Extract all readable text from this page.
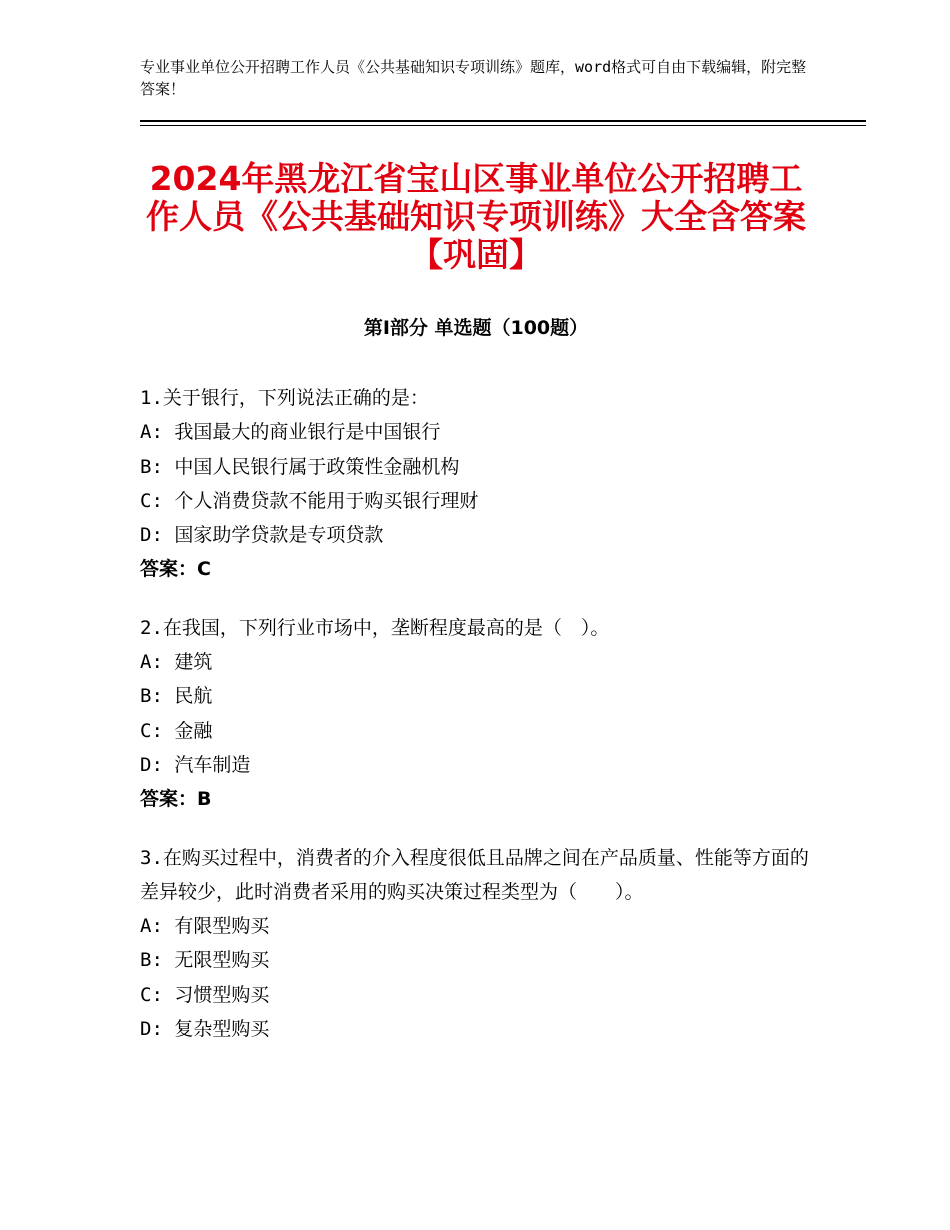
专业事业单位公开招聘工作人员《公共基础知识专项训练》题库，word格式可自由下载编辑，附完整答案！
2024年黑龙江省宝山区事业单位公开招聘工作人员《公共基础知识专项训练》大全含答案【巩固】
第Ⅰ部分 单选题（100题）
1.关于银行，下列说法正确的是：
A: 我国最大的商业银行是中国银行
B: 中国人民银行属于政策性金融机构
C: 个人消费贷款不能用于购买银行理财
D: 国家助学贷款是专项贷款
答案：C
2.在我国，下列行业市场中，垄断程度最高的是（　）。
A: 建筑
B: 民航
C: 金融
D: 汽车制造
答案：B
3.在购买过程中，消费者的介入程度很低且品牌之间在产品质量、性能等方面的差异较少，此时消费者采用的购买决策过程类型为（　　）。
A: 有限型购买
B: 无限型购买
C: 习惯型购买
D: 复杂型购买
